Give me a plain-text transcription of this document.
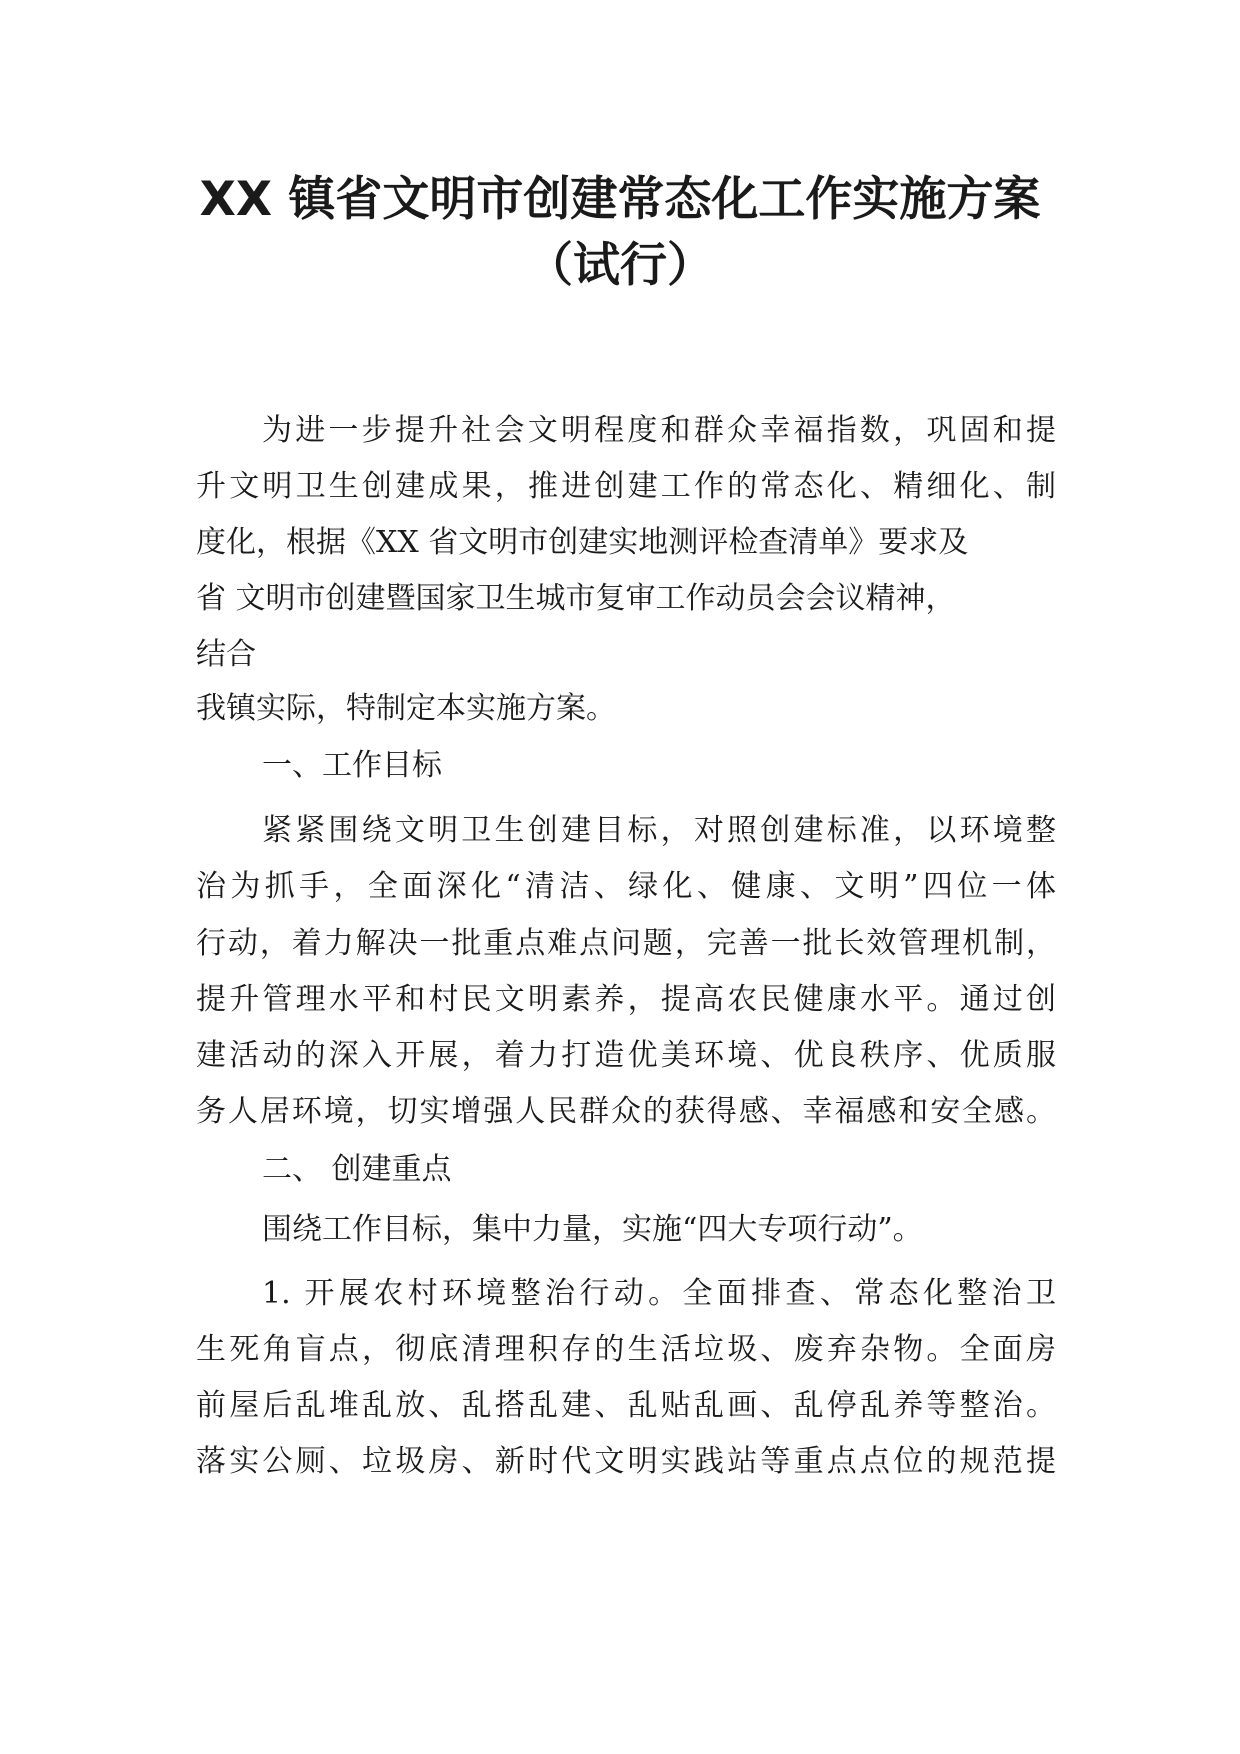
XX 镇省文明市创建常态化工作实施方案
（试行）

为进一步提升社会文明程度和群众幸福指数，巩固和提

升文明卫生创建成果，推进创建工作的常态化、精细化、制

度化，根据《XX 省文明市创建实地测评检查清单》要求及

省 文明市创建暨国家卫生城市复审工作动员会会议精神，

结合

我镇实际，特制定本实施方案。

一、工作目标

紧紧围绕文明卫生创建目标，对照创建标准，以环境整

治为抓手，全面深化“清洁、绿化、健康、文明”四位一体

行动，着力解决一批重点难点问题，完善一批长效管理机制，

提升管理水平和村民文明素养，提高农民健康水平。通过创

建活动的深入开展，着力打造优美环境、优良秩序、优质服

务人居环境，切实增强人民群众的获得感、幸福感和安全感。

二、 创建重点

围绕工作目标，集中力量，实施“四大专项行动”。

1. 开展农村环境整治行动。全面排查、常态化整治卫

生死角盲点，彻底清理积存的生活垃圾、废弃杂物。全面房

前屋后乱堆乱放、乱搭乱建、乱贴乱画、乱停乱养等整治。

落实公厕、垃圾房、新时代文明实践站等重点点位的规范提
